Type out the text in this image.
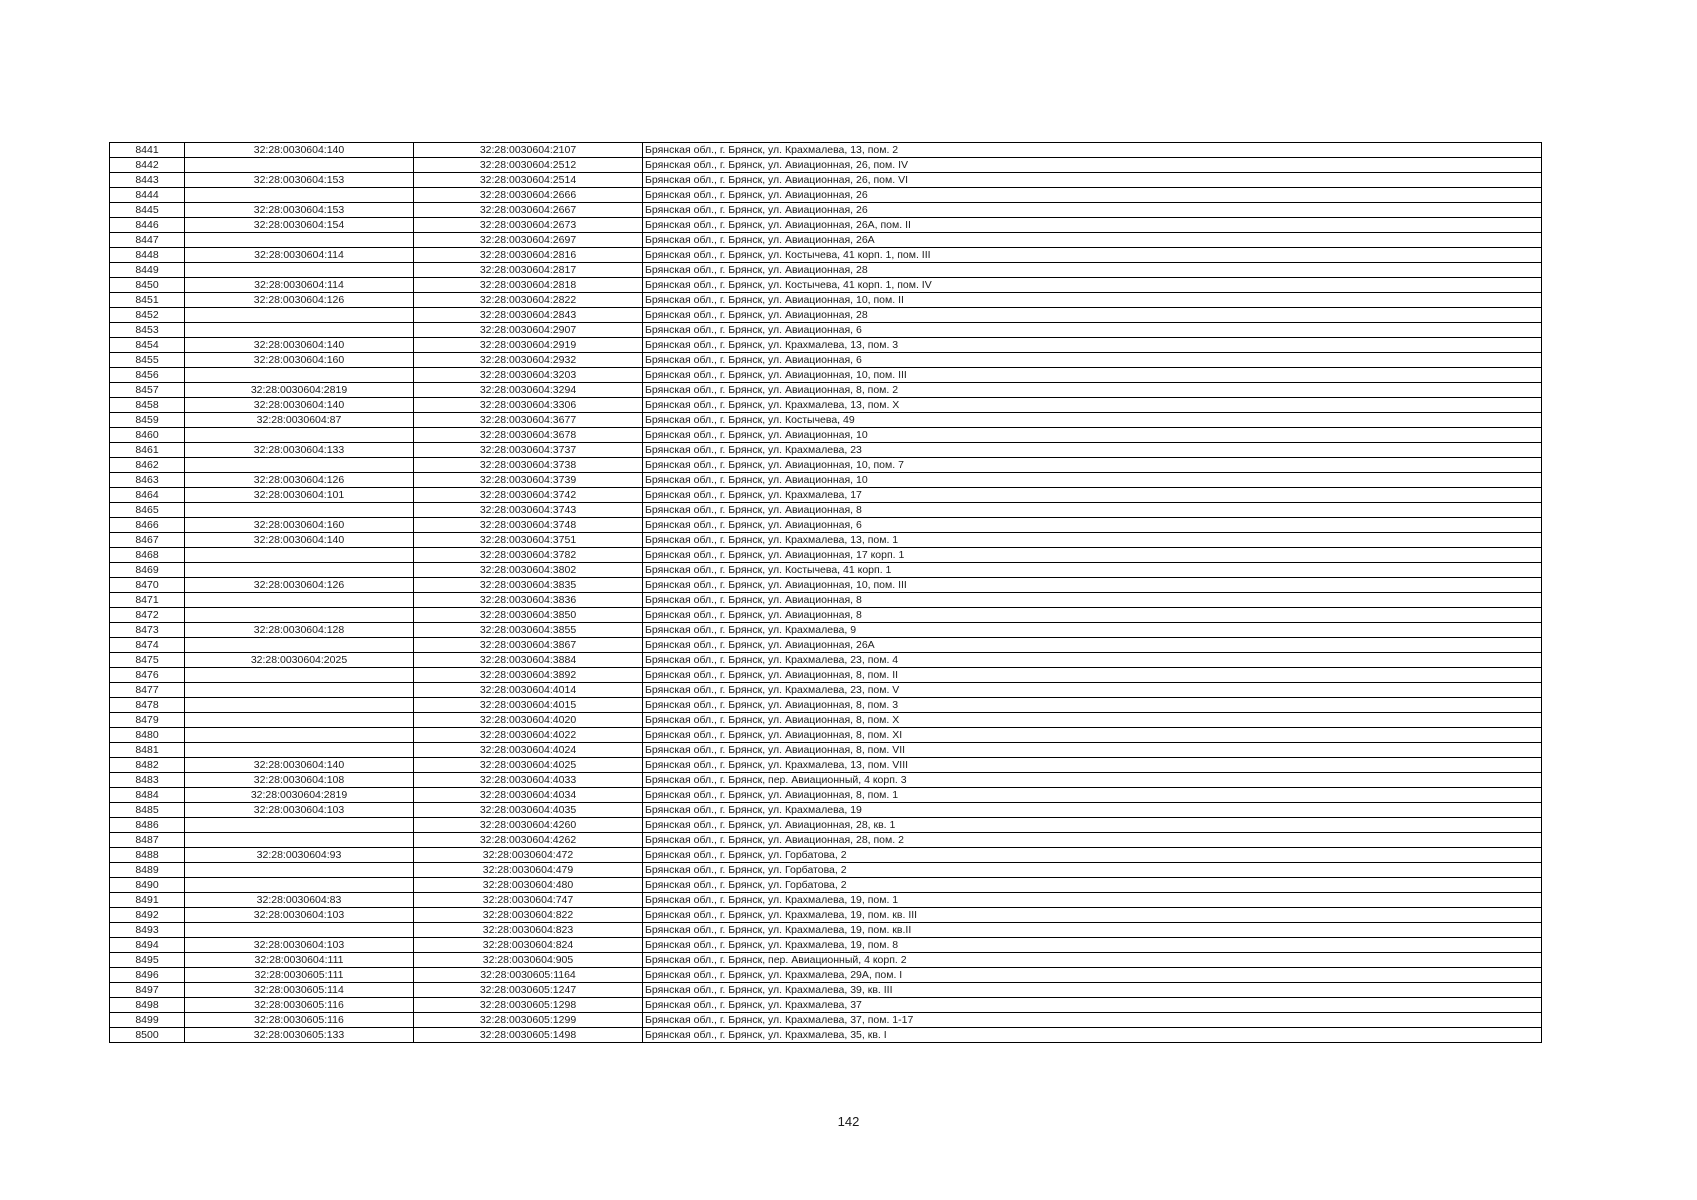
8441	32:28:0030604:140	32:28:0030604:2107	Брянская обл., г. Брянск, ул. Крахмалева, 13, пом. 2
8442		32:28:0030604:2512	Брянская обл., г. Брянск, ул. Авиационная, 26, пом. IV
8443	32:28:0030604:153	32:28:0030604:2514	Брянская обл., г. Брянск, ул. Авиационная, 26, пом. VI
8444		32:28:0030604:2666	Брянская обл., г. Брянск, ул. Авиационная, 26
8445	32:28:0030604:153	32:28:0030604:2667	Брянская обл., г. Брянск, ул. Авиационная, 26
8446	32:28:0030604:154	32:28:0030604:2673	Брянская обл., г. Брянск, ул. Авиационная, 26А, пом. II
8447		32:28:0030604:2697	Брянская обл., г. Брянск, ул. Авиационная, 26А
8448	32:28:0030604:114	32:28:0030604:2816	Брянская обл., г. Брянск, ул. Костычева, 41 корп. 1, пом. III
8449		32:28:0030604:2817	Брянская обл., г. Брянск, ул. Авиационная, 28
8450	32:28:0030604:114	32:28:0030604:2818	Брянская обл., г. Брянск, ул. Костычева, 41 корп. 1, пом. IV
8451	32:28:0030604:126	32:28:0030604:2822	Брянская обл., г. Брянск, ул. Авиационная, 10, пом. II
8452		32:28:0030604:2843	Брянская обл., г. Брянск, ул. Авиационная, 28
8453		32:28:0030604:2907	Брянская обл., г. Брянск, ул. Авиационная, 6
8454	32:28:0030604:140	32:28:0030604:2919	Брянская обл., г. Брянск, ул. Крахмалева, 13, пом. 3
8455	32:28:0030604:160	32:28:0030604:2932	Брянская обл., г. Брянск, ул. Авиационная, 6
8456		32:28:0030604:3203	Брянская обл., г. Брянск, ул. Авиационная, 10, пом. III
8457	32:28:0030604:2819	32:28:0030604:3294	Брянская обл., г. Брянск, ул. Авиационная, 8, пом. 2
8458	32:28:0030604:140	32:28:0030604:3306	Брянская обл., г. Брянск, ул. Крахмалева, 13, пом. X
8459	32:28:0030604:87	32:28:0030604:3677	Брянская обл., г. Брянск, ул. Костычева, 49
8460		32:28:0030604:3678	Брянская обл., г. Брянск, ул. Авиационная, 10
8461	32:28:0030604:133	32:28:0030604:3737	Брянская обл., г. Брянск, ул. Крахмалева, 23
8462		32:28:0030604:3738	Брянская обл., г. Брянск, ул. Авиационная, 10, пом. 7
8463	32:28:0030604:126	32:28:0030604:3739	Брянская обл., г. Брянск, ул. Авиационная, 10
8464	32:28:0030604:101	32:28:0030604:3742	Брянская обл., г. Брянск, ул. Крахмалева, 17
8465		32:28:0030604:3743	Брянская обл., г. Брянск, ул. Авиационная, 8
8466	32:28:0030604:160	32:28:0030604:3748	Брянская обл., г. Брянск, ул. Авиационная, 6
8467	32:28:0030604:140	32:28:0030604:3751	Брянская обл., г. Брянск, ул. Крахмалева, 13, пом. 1
8468		32:28:0030604:3782	Брянская обл., г. Брянск, ул. Авиационная, 17 корп. 1
8469		32:28:0030604:3802	Брянская обл., г. Брянск, ул. Костычева, 41 корп. 1
8470	32:28:0030604:126	32:28:0030604:3835	Брянская обл., г. Брянск, ул. Авиационная, 10, пом. III
8471		32:28:0030604:3836	Брянская обл., г. Брянск, ул. Авиационная, 8
8472		32:28:0030604:3850	Брянская обл., г. Брянск, ул. Авиационная, 8
8473	32:28:0030604:128	32:28:0030604:3855	Брянская обл., г. Брянск, ул. Крахмалева, 9
8474		32:28:0030604:3867	Брянская обл., г. Брянск, ул. Авиационная, 26А
8475	32:28:0030604:2025	32:28:0030604:3884	Брянская обл., г. Брянск, ул. Крахмалева, 23, пом. 4
8476		32:28:0030604:3892	Брянская обл., г. Брянск, ул. Авиационная, 8, пом. II
8477		32:28:0030604:4014	Брянская обл., г. Брянск, ул. Крахмалева, 23, пом. V
8478		32:28:0030604:4015	Брянская обл., г. Брянск, ул. Авиационная, 8, пом. 3
8479		32:28:0030604:4020	Брянская обл., г. Брянск, ул. Авиационная, 8, пом. X
8480		32:28:0030604:4022	Брянская обл., г. Брянск, ул. Авиационная, 8, пом. XI
8481		32:28:0030604:4024	Брянская обл., г. Брянск, ул. Авиационная, 8, пом. VII
8482	32:28:0030604:140	32:28:0030604:4025	Брянская обл., г. Брянск, ул. Крахмалева, 13, пом. VIII
8483	32:28:0030604:108	32:28:0030604:4033	Брянская обл., г. Брянск, пер. Авиационный, 4 корп. 3
8484	32:28:0030604:2819	32:28:0030604:4034	Брянская обл., г. Брянск, ул. Авиационная, 8, пом. 1
8485	32:28:0030604:103	32:28:0030604:4035	Брянская обл., г. Брянск, ул. Крахмалева, 19
8486		32:28:0030604:4260	Брянская обл., г. Брянск, ул. Авиационная, 28, кв. 1
8487		32:28:0030604:4262	Брянская обл., г. Брянск, ул. Авиационная, 28, пом. 2
8488	32:28:0030604:93	32:28:0030604:472	Брянская обл., г. Брянск, ул. Горбатова, 2
8489		32:28:0030604:479	Брянская обл., г. Брянск, ул. Горбатова, 2
8490		32:28:0030604:480	Брянская обл., г. Брянск, ул. Горбатова, 2
8491	32:28:0030604:83	32:28:0030604:747	Брянская обл., г. Брянск, ул. Крахмалева, 19, пом. 1
8492	32:28:0030604:103	32:28:0030604:822	Брянская обл., г. Брянск, ул. Крахмалева, 19, пом. кв. III
8493		32:28:0030604:823	Брянская обл., г. Брянск, ул. Крахмалева, 19, пом. кв.II
8494	32:28:0030604:103	32:28:0030604:824	Брянская обл., г. Брянск, ул. Крахмалева, 19, пом. 8
8495	32:28:0030604:111	32:28:0030604:905	Брянская обл., г. Брянск, пер. Авиационный, 4 корп. 2
8496	32:28:0030605:111	32:28:0030605:1164	Брянская обл., г. Брянск, ул. Крахмалева, 29А, пом. I
8497	32:28:0030605:114	32:28:0030605:1247	Брянская обл., г. Брянск, ул. Крахмалева, 39, кв. III
8498	32:28:0030605:116	32:28:0030605:1298	Брянская обл., г. Брянск, ул. Крахмалева, 37
8499	32:28:0030605:116	32:28:0030605:1299	Брянская обл., г. Брянск, ул. Крахмалева, 37, пом. 1-17
8500	32:28:0030605:133	32:28:0030605:1498	Брянская обл., г. Брянск, ул. Крахмалева, 35, кв. I
142
